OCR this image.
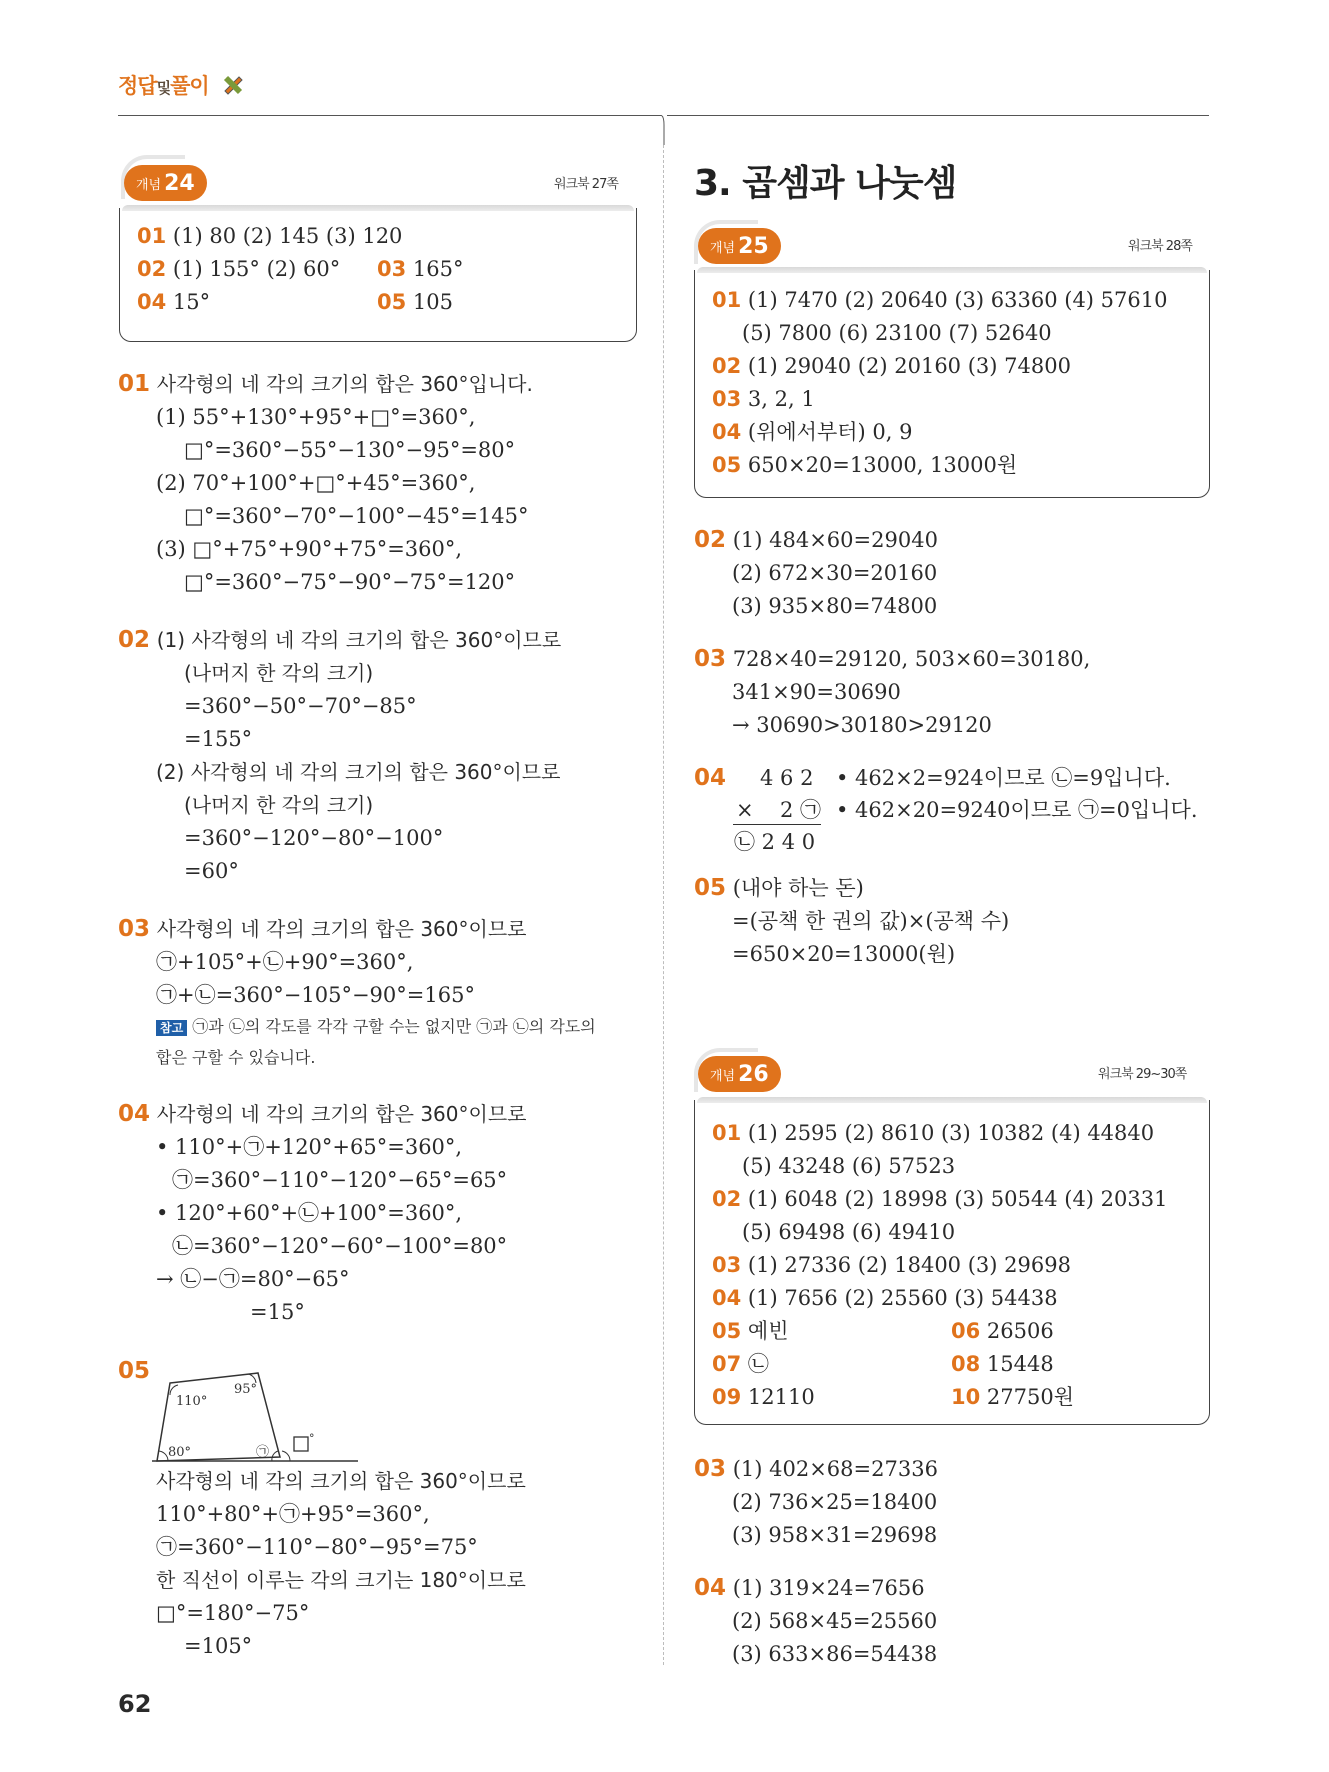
정답및풀이
개념 24	워크북 27쪽
01 (1) 80 (2) 145 (3) 120
02 (1) 155° (2) 60° 03 165°
04 15°	05 105
01 사각형의 네 각의 크기의 합은 360°입니다.
(1) 55°+130°+95°+□°=360°,
□°=360°−55°−130°−95°=80°
(2) 70°+100°+□°+45°=360°,
□°=360°−70°−100°−45°=145°
(3) □°+75°+90°+75°=360°,
□°=360°−75°−90°−75°=120°
02 (1) 사각형의 네 각의 크기의 합은 360°이므로
(나머지 한 각의 크기)
=360°−50°−70°−85°
=155°
(2) 사각형의 네 각의 크기의 합은 360°이므로
(나머지 한 각의 크기)
=360°−120°−80°−100°
=60°
03 사각형의 네 각의 크기의 합은 360°이므로
㉠+105°+㉡+90°=360°,
㉠+㉡=360°−105°−90°=165°
참고 ㉠과 ㉡의 각도를 각각 구할 수는 없지만 ㉠과 ㉡의 각도의
합은 구할 수 있습니다.
04 사각형의 네 각의 크기의 합은 360°이므로
• 110°+㉠+120°+65°=360°,
㉠=360°−110°−120°−65°=65°
• 120°+60°+㉡+100°=360°,
㉡=360°−120°−60°−100°=80°
→ ㉡−㉠=80°−65°
=15°
05
110°
95°
80°	㉠
°
사각형의 네 각의 크기의 합은 360°이므로
110°+80°+㉠+95°=360°,
㉠=360°−110°−80°−95°=75°
한 직선이 이루는 각의 크기는 180°이므로
□°=180°−75°
=105°
62
3. 곱셈과 나눗셈
개념 25	워크북 28쪽
01 (1) 7470 (2) 20640 (3) 63360 (4) 57610
(5) 7800 (6) 23100 (7) 52640
02 (1) 29040 (2) 20160 (3) 74800
03 3, 2, 1
04 (위에서부터) 0, 9
05 650×20=13000, 13000원
02 (1) 484×60=29040
(2) 672×30=20160
(3) 935×80=74800
03 728×40=29120, 503×60=30180,
341×90=30690
→ 30690>30180>29120
04 4 6 2
× 2 ㉠
㉡ 2 4 0
• 462×2=924이므로 ㉡=9입니다.
• 462×20=9240이므로 ㉠=0입니다.
05 (내야 하는 돈)
=(공책 한 권의 값)×(공책 수)
=650×20=13000(원)
개념 26	워크북 29~30쪽
01 (1) 2595 (2) 8610 (3) 10382 (4) 44840
(5) 43248 (6) 57523
02 (1) 6048 (2) 18998 (3) 50544 (4) 20331
(5) 69498 (6) 49410
03 (1) 27336 (2) 18400 (3) 29698
04 (1) 7656 (2) 25560 (3) 54438
05 예빈	06 26506
07 ㉡	08 15448
09 12110	10 27750원
03 (1) 402×68=27336
(2) 736×25=18400
(3) 958×31=29698
04 (1) 319×24=7656
(2) 568×45=25560
(3) 633×86=54438
